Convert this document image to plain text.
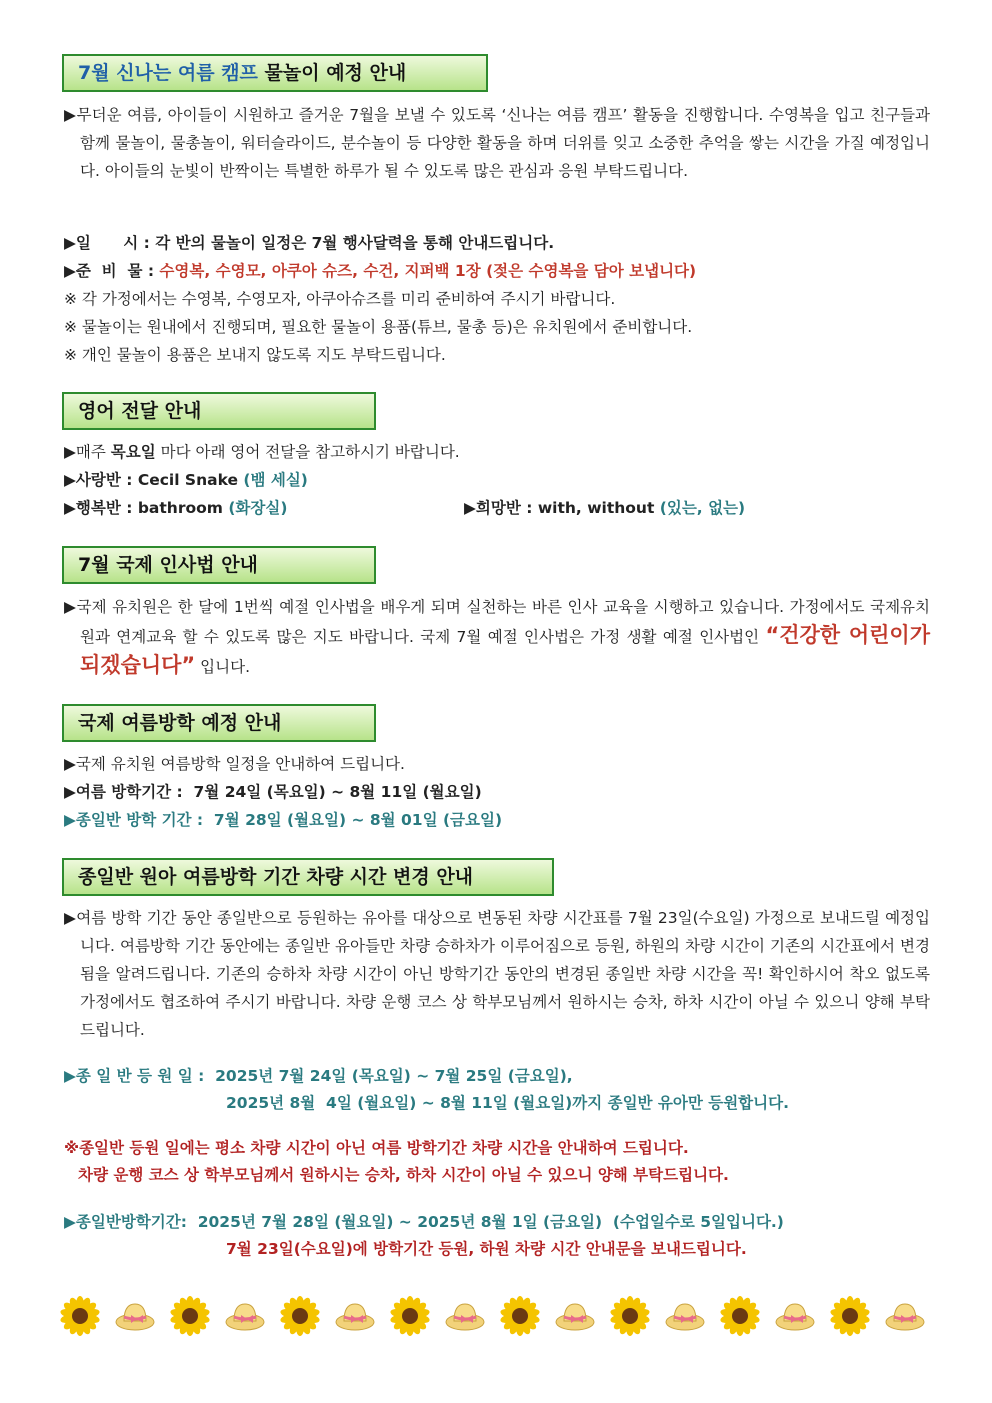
7월 신나는 여름 캠프 물놀이 예정 안내
▶무더운 여름, 아이들이 시원하고 즐거운 7월을 보낼 수 있도록 ‘신나는 여름 캠프’ 활동을 진행합니다. 수영복을 입고 친구들과 함께 물놀이, 물총놀이, 워터슬라이드, 분수놀이 등 다양한 활동을 하며 더위를 잊고 소중한 추억을 쌓는 시간을 가질 예정입니다. 아이들의 눈빛이 반짝이는 특별한 하루가 될 수 있도록 많은 관심과 응원 부탁드립니다.
▶일      시 : 각 반의 물놀이 일정은 7월 행사달력을 통해 안내드립니다.
▶준  비  물 : 수영복, 수영모, 아쿠아 슈즈, 수건, 지퍼백 1장 (젖은 수영복을 담아 보냅니다)
※ 각 가정에서는 수영복, 수영모자, 아쿠아슈즈를 미리 준비하여 주시기 바랍니다.
※ 물놀이는 원내에서 진행되며, 필요한 물놀이 용품(튜브, 물총 등)은 유치원에서 준비합니다.
※ 개인 물놀이 용품은 보내지 않도록 지도 부탁드립니다.
영어 전달 안내
▶매주 목요일 마다 아래 영어 전달을 참고하시기 바랍니다.
▶사랑반 : Cecil Snake (뱀 세실)
▶행복반 : bathroom (화장실)	▶희망반 : with, without (있는, 없는)
7월 국제 인사법 안내
▶국제 유치원은 한 달에 1번씩 예절 인사법을 배우게 되며 실천하는 바른 인사 교육을 시행하고 있습니다. 가정에서도 국제유치원과 연계교육 할 수 있도록 많은 지도 바랍니다. 국제 7월 예절 인사법은 가정 생활 예절 인사법인 “건강한 어린이가 되겠습니다” 입니다.
국제 여름방학 예정 안내
▶국제 유치원 여름방학 일정을 안내하여 드립니다.
▶여름 방학기간 :  7월 24일 (목요일) ~ 8월 11일 (월요일)
▶종일반 방학 기간 :  7월 28일 (월요일) ~ 8월 01일 (금요일)
종일반 원아 여름방학 기간 차량 시간 변경 안내
▶여름 방학 기간 동안 종일반으로 등원하는 유아를 대상으로 변동된 차량 시간표를 7월 23일(수요일) 가정으로 보내드릴 예정입니다. 여름방학 기간 동안에는 종일반 유아들만 차량 승하차가 이루어짐으로 등원, 하원의 차량 시간이 기존의 시간표에서 변경됨을 알려드립니다. 기존의 승하차 차량 시간이 아닌 방학기간 동안의 변경된 종일반 차량 시간을 꼭! 확인하시어 착오 없도록 가정에서도 협조하여 주시기 바랍니다. 차량 운행 코스 상 학부모님께서 원하시는 승차, 하차 시간이 아닐 수 있으니 양해 부탁드립니다.
▶종 일 반 등 원 일 :  2025년 7월 24일 (목요일) ~ 7월 25일 (금요일),
2025년 8월  4일 (월요일) ~ 8월 11일 (월요일)까지 종일반 유아만 등원합니다.
※종일반 등원 일에는 평소 차량 시간이 아닌 여름 방학기간 차량 시간을 안내하여 드립니다.
차량 운행 코스 상 학부모님께서 원하시는 승차, 하차 시간이 아닐 수 있으니 양해 부탁드립니다.
▶종일반방학기간:  2025년 7월 28일 (월요일) ~ 2025년 8월 1일 (금요일)  (수업일수로 5일입니다.)
7월 23일(수요일)에 방학기간 등원, 하원 차량 시간 안내문을 보내드립니다.
